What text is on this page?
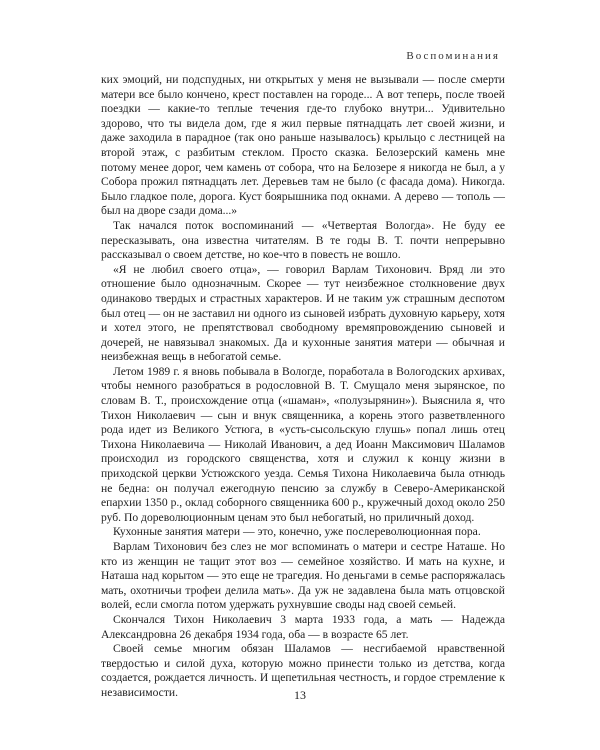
Воспоминания

ких эмоций, ни подспудных, ни открытых у меня не вызывали — после смерти матери все было кончено, крест поставлен на городе... А вот теперь, после твоей поездки — какие-то теплые течения где-то глубоко внутри... Удивительно здорово, что ты видела дом, где я жил первые пятнадцать лет своей жизни, и даже заходила в парадное (так оно раньше называлось) крыльцо с лестницей на второй этаж, с разбитым стеклом. Просто сказка. Белозерский камень мне потому менее дорог, чем камень от собора, что на Белозере я никогда не был, а у Собора прожил пятнадцать лет. Деревьев там не было (с фасада дома). Никогда. Было гладкое поле, дорога. Куст боярышника под окнами. А дерево — тополь — был на дворе сзади дома...»

Так начался поток воспоминаний — «Четвертая Вологда». Не буду ее пересказывать, она известна читателям. В те годы В. Т. почти непрерывно рассказывал о своем детстве, но кое-что в повесть не вошло.

«Я не любил своего отца», — говорил Варлам Тихонович. Вряд ли это отношение было однозначным. Скорее — тут неизбежное столкновение двух одинаково твердых и страстных характеров. И не таким уж страшным деспотом был отец — он не заставил ни одного из сыновей избрать духовную карьеру, хотя и хотел этого, не препятствовал свободному времяпровождению сыновей и дочерей, не навязывал знакомых. Да и кухонные занятия матери — обычная и неизбежная вещь в небогатой семье.

Летом 1989 г. я вновь побывала в Вологде, поработала в Вологодских архивах, чтобы немного разобраться в родословной В. Т. Смущало меня зырянское, по словам В. Т., происхождение отца («шаман», «полузырянин»). Выяснила я, что Тихон Николаевич — сын и внук священника, а корень этого разветвленного рода идет из Великого Устюга, в «усть-сысольскую глушь» попал лишь отец Тихона Николаевича — Николай Иванович, а дед Иоанн Максимович Шаламов происходил из городского священства, хотя и служил к концу жизни в приходской церкви Устюжского уезда. Семья Тихона Николаевича была отнюдь не бедна: он получал ежегодную пенсию за службу в Северо-Американской епархии 1350 р., оклад соборного священника 600 р., кружечный доход около 250 руб. По дореволюционным ценам это был небогатый, но приличный доход.

Кухонные занятия матери — это, конечно, уже послереволюционная пора.

Варлам Тихонович без слез не мог вспоминать о матери и сестре Наташе. Но кто из женщин не тащит этот воз — семейное хозяйство. И мать на кухне, и Наташа над корытом — это еще не трагедия. Но деньгами в семье распоряжалась мать, охотничьи трофеи делила мать». Да уж не задавлена была мать отцовской волей, если смогла потом удержать рухнувшие своды над своей семьей.

Скончался Тихон Николаевич 3 марта 1933 года, а мать — Надежда Александровна 26 декабря 1934 года, оба — в возрасте 65 лет.

Своей семье многим обязан Шаламов — несгибаемой нравственной твердостью и силой духа, которую можно принести только из детства, когда создается, рождается личность. И щепетильная честность, и гордое стремление к независимости.	13
